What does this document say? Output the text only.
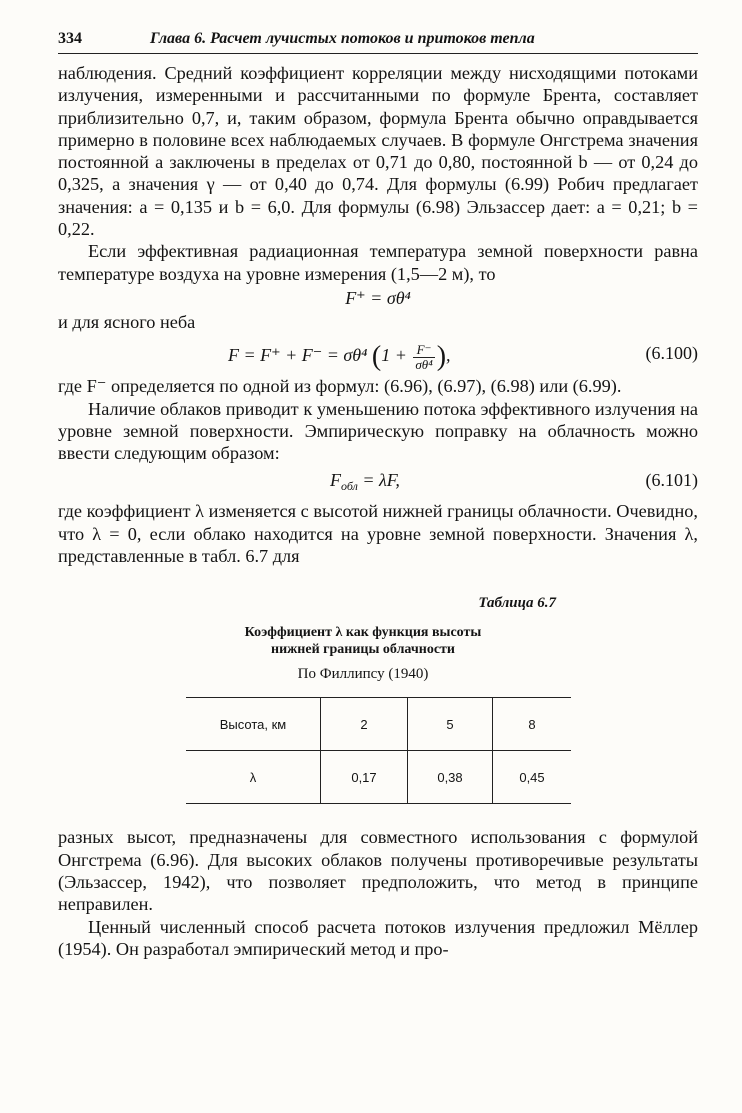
334	Глава 6. Расчет лучистых потоков и притоков тепла

наблюдения. Средний коэффициент корреляции между нисходящими потоками излучения, измеренными и рассчитанными по формуле Брента, составляет приблизительно 0,7, и, таким образом, формула Брента обычно оправдывается примерно в половине всех наблюдаемых случаев. В формуле Онгстрема значения постоянной a заключены в пределах от 0,71 до 0,80, постоянной b — от 0,24 до 0,325, а значения γ — от 0,40 до 0,74. Для формулы (6.99) Робич предлагает значения: a = 0,135 и b = 6,0. Для формулы (6.98) Эльзассер дает: a = 0,21; b = 0,22.

Если эффективная радиационная температура земной поверхности равна температуре воздуха на уровне измерения (1,5—2 м), то

F⁺ = σθ⁴

и для ясного неба

F = F⁺ + F⁻ = σθ⁴ ($1 + \frac{F^-}{\text{σθ⁴}}$ ),	(6.100)

где F⁻ определяется по одной из формул: (6.96), (6.97), (6.98) или (6.99).

Наличие облаков приводит к уменьшению потока эффективного излучения на уровне земной поверхности. Эмпирическую поправку на облачность можно ввести следующим образом:

$F_{обл} = \lambda F$,	(6.101)

где коэффициент λ изменяется с высотой нижней границы облачности. Очевидно, что λ = 0, если облако находится на уровне земной поверхности. Значения λ, представленные в табл. 6.7 для

Таблица 6.7
Коэффициент λ как функция высоты
нижней границы облачности
По Филлипсу (1940)
Высота, км	2	5	8
λ	0,17	0,38	0,45

разных высот, предназначены для совместного использования с формулой Онгстрема (6.96). Для высоких облаков получены противоречивые результаты (Эльзассер, 1942), что позволяет предположить, что метод в принципе неправилен.

Ценный численный способ расчета потоков излучения предложил Мёллер (1954). Он разработал эмпирический метод и про-
